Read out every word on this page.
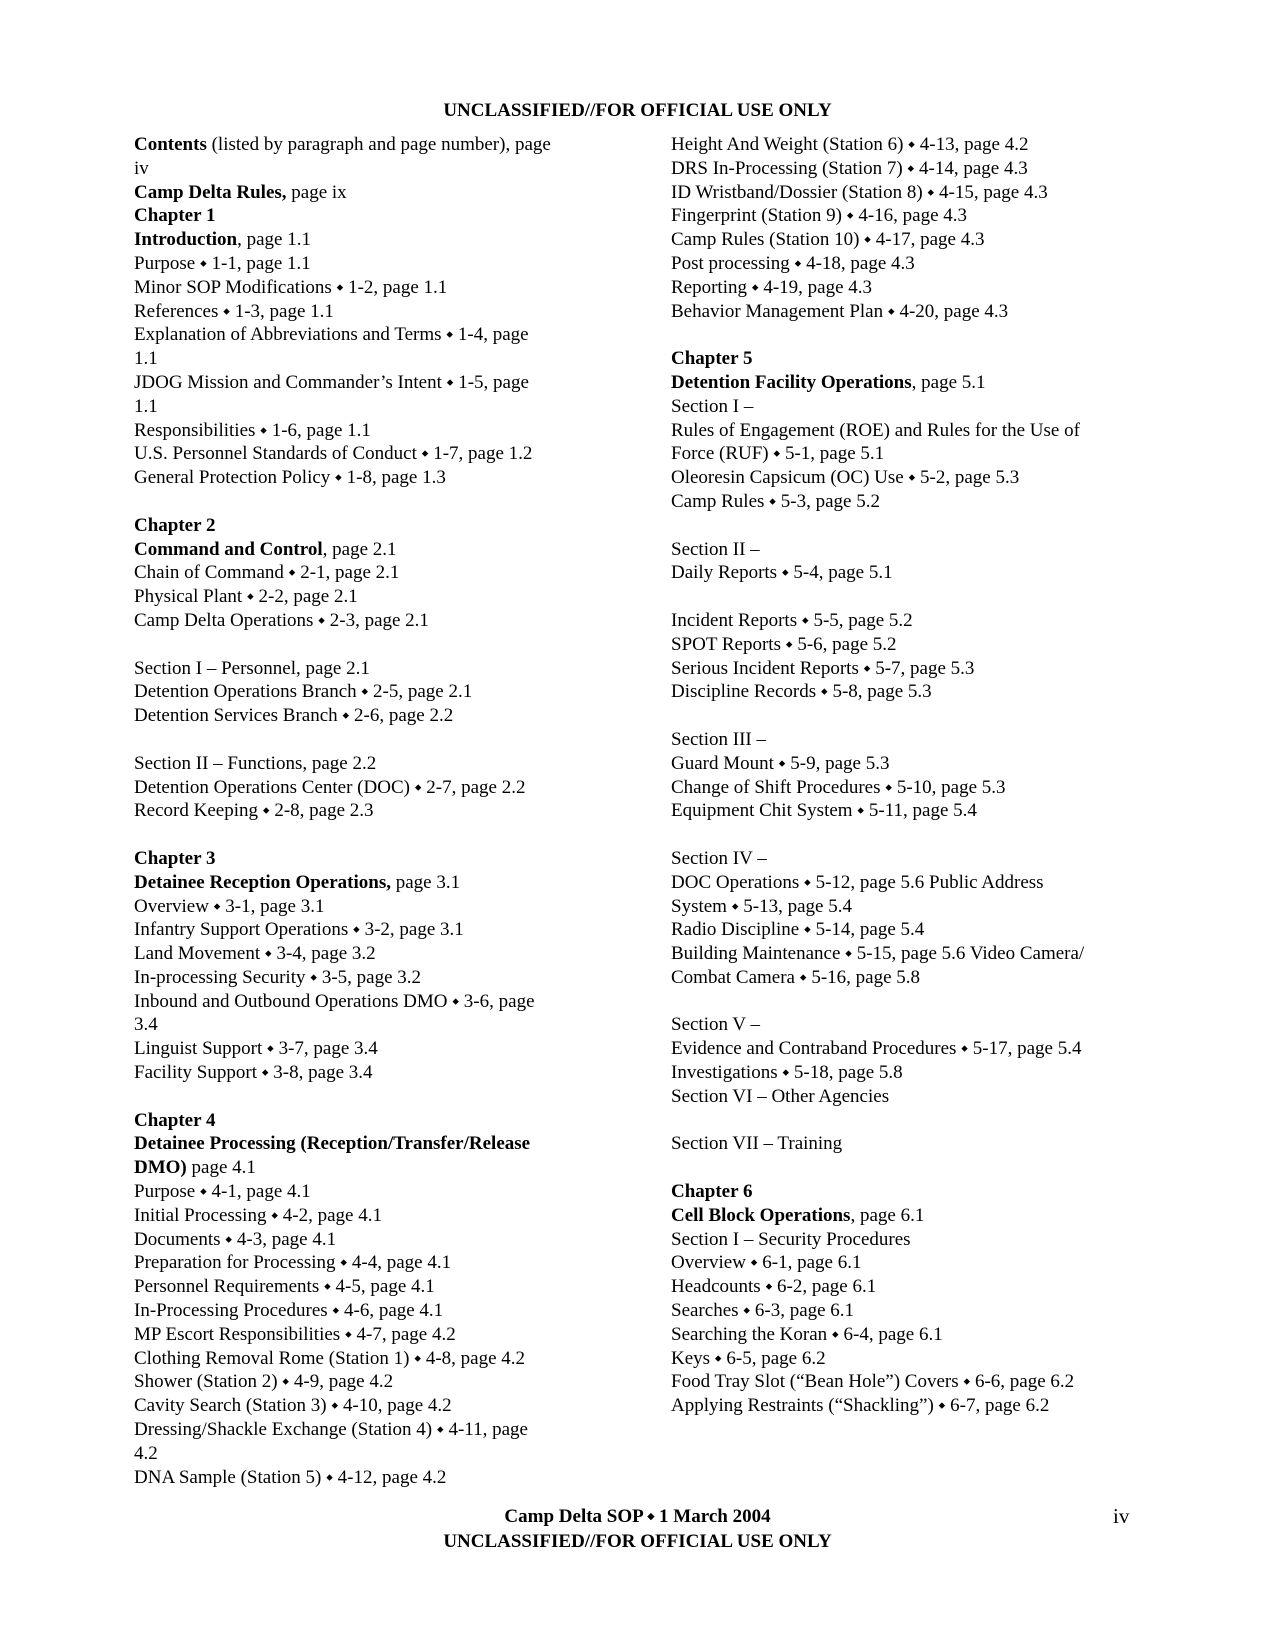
UNCLASSIFIED//FOR OFFICIAL USE ONLY
Contents (listed by paragraph and page number), page
iv
Camp Delta Rules, page ix
Chapter 1
Introduction, page 1.1
Purpose ⬩ 1-1, page 1.1
Minor SOP Modifications ⬩ 1-2, page 1.1
References ⬩ 1-3, page 1.1
Explanation of Abbreviations and Terms ⬩ 1-4, page
1.1
JDOG Mission and Commander’s Intent ⬩ 1-5, page
1.1
Responsibilities ⬩ 1-6, page 1.1
U.S. Personnel Standards of Conduct ⬩ 1-7, page 1.2
General Protection Policy ⬩ 1-8, page 1.3
Chapter 2
Command and Control, page 2.1
Chain of Command ⬩ 2-1, page 2.1
Physical Plant ⬩ 2-2, page 2.1
Camp Delta Operations ⬩ 2-3, page 2.1
Section I – Personnel, page 2.1
Detention Operations Branch ⬩ 2-5, page 2.1
Detention Services Branch ⬩ 2-6, page 2.2
Section II – Functions, page 2.2
Detention Operations Center (DOC) ⬩ 2-7, page 2.2
Record Keeping ⬩ 2-8, page 2.3
Chapter 3
Detainee Reception Operations, page 3.1
Overview ⬩ 3-1, page 3.1
Infantry Support Operations ⬩ 3-2, page 3.1
Land Movement ⬩ 3-4, page 3.2
In-processing Security ⬩ 3-5, page 3.2
Inbound and Outbound Operations DMO ⬩ 3-6, page
3.4
Linguist Support ⬩ 3-7, page 3.4
Facility Support ⬩ 3-8, page 3.4
Chapter 4
Detainee Processing (Reception/Transfer/Release
DMO) page 4.1
Purpose ⬩ 4-1, page 4.1
Initial Processing ⬩ 4-2, page 4.1
Documents ⬩ 4-3, page 4.1
Preparation for Processing ⬩ 4-4, page 4.1
Personnel Requirements ⬩ 4-5, page 4.1
In-Processing Procedures ⬩ 4-6, page 4.1
MP Escort Responsibilities ⬩ 4-7, page 4.2
Clothing Removal Rome (Station 1) ⬩ 4-8, page 4.2
Shower (Station 2) ⬩ 4-9, page 4.2
Cavity Search (Station 3) ⬩ 4-10, page 4.2
Dressing/Shackle Exchange (Station 4) ⬩ 4-11, page
4.2
DNA Sample (Station 5) ⬩ 4-12, page 4.2
Height And Weight (Station 6) ⬩ 4-13, page 4.2
DRS In-Processing (Station 7) ⬩ 4-14, page 4.3
ID Wristband/Dossier (Station 8) ⬩ 4-15, page 4.3
Fingerprint (Station 9) ⬩ 4-16, page 4.3
Camp Rules (Station 10) ⬩ 4-17, page 4.3
Post processing ⬩ 4-18, page 4.3
Reporting ⬩ 4-19, page 4.3
Behavior Management Plan ⬩ 4-20, page 4.3
Chapter 5
Detention Facility Operations, page 5.1
Section I –
Rules of Engagement (ROE) and Rules for the Use of
Force (RUF) ⬩ 5-1, page 5.1
Oleoresin Capsicum (OC) Use ⬩ 5-2, page 5.3
Camp Rules ⬩ 5-3, page 5.2
Section II –
Daily Reports ⬩ 5-4, page 5.1
Incident Reports ⬩ 5-5, page 5.2
SPOT Reports ⬩ 5-6, page 5.2
Serious Incident Reports ⬩ 5-7, page 5.3
Discipline Records ⬩ 5-8, page 5.3
Section III –
Guard Mount ⬩ 5-9, page 5.3
Change of Shift Procedures ⬩ 5-10, page 5.3
Equipment Chit System ⬩ 5-11, page 5.4
Section IV –
DOC Operations ⬩ 5-12, page 5.6 Public Address
System ⬩ 5-13, page 5.4
Radio Discipline ⬩ 5-14, page 5.4
Building Maintenance ⬩ 5-15, page 5.6 Video Camera/
Combat Camera ⬩ 5-16, page 5.8
Section V –
Evidence and Contraband Procedures ⬩ 5-17, page 5.4
Investigations ⬩ 5-18, page 5.8
Section VI – Other Agencies
Section VII – Training
Chapter 6
Cell Block Operations, page 6.1
Section I – Security Procedures
Overview ⬩ 6-1, page 6.1
Headcounts ⬩ 6-2, page 6.1
Searches ⬩ 6-3, page 6.1
Searching the Koran ⬩ 6-4, page 6.1
Keys ⬩ 6-5, page 6.2
Food Tray Slot (“Bean Hole”) Covers ⬩ 6-6, page 6.2
Applying Restraints (“Shackling”) ⬩ 6-7, page 6.2
Camp Delta SOP ⬩ 1 March 2004
UNCLASSIFIED//FOR OFFICIAL USE ONLY
iv
